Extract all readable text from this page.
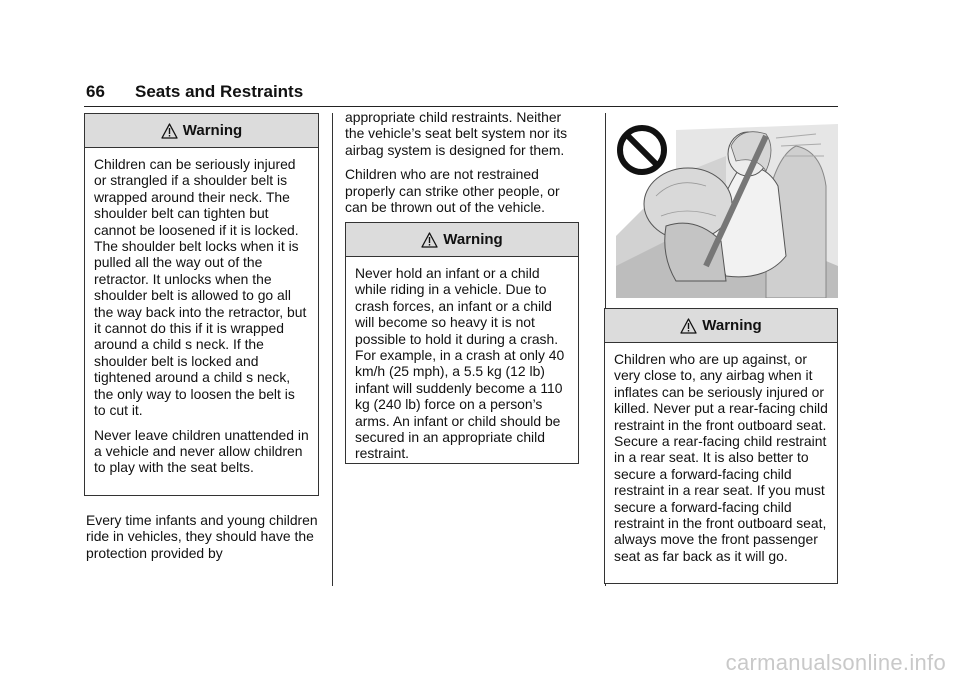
66 Seats and Restraints
Warning

Children can be seriously injured or strangled if a shoulder belt is wrapped around their neck. The shoulder belt can tighten but cannot be loosened if it is locked. The shoulder belt locks when it is pulled all the way out of the retractor. It unlocks when the shoulder belt is allowed to go all the way back into the retractor, but it cannot do this if it is wrapped around a child s neck. If the shoulder belt is locked and tightened around a child s neck, the only way to loosen the belt is to cut it.

Never leave children unattended in a vehicle and never allow children to play with the seat belts.

Every time infants and young children ride in vehicles, they should have the protection provided by

appropriate child restraints. Neither the vehicle’s seat belt system nor its airbag system is designed for them.

Children who are not restrained properly can strike other people, or can be thrown out of the vehicle.

Warning

Never hold an infant or a child while riding in a vehicle. Due to crash forces, an infant or a child will become so heavy it is not possible to hold it during a crash. For example, in a crash at only 40 km/h (25 mph), a 5.5 kg (12 lb) infant will suddenly become a 110 kg (240 lb) force on a person’s arms. An infant or child should be secured in an appropriate child restraint.

Warning

Children who are up against, or very close to, any airbag when it inflates can be seriously injured or killed. Never put a rear-facing child restraint in the front outboard seat. Secure a rear-facing child restraint in a rear seat. It is also better to secure a forward-facing child restraint in a rear seat. If you must secure a forward-facing child restraint in the front outboard seat, always move the front passenger seat as far back as it will go.

carmanualsonline.info
